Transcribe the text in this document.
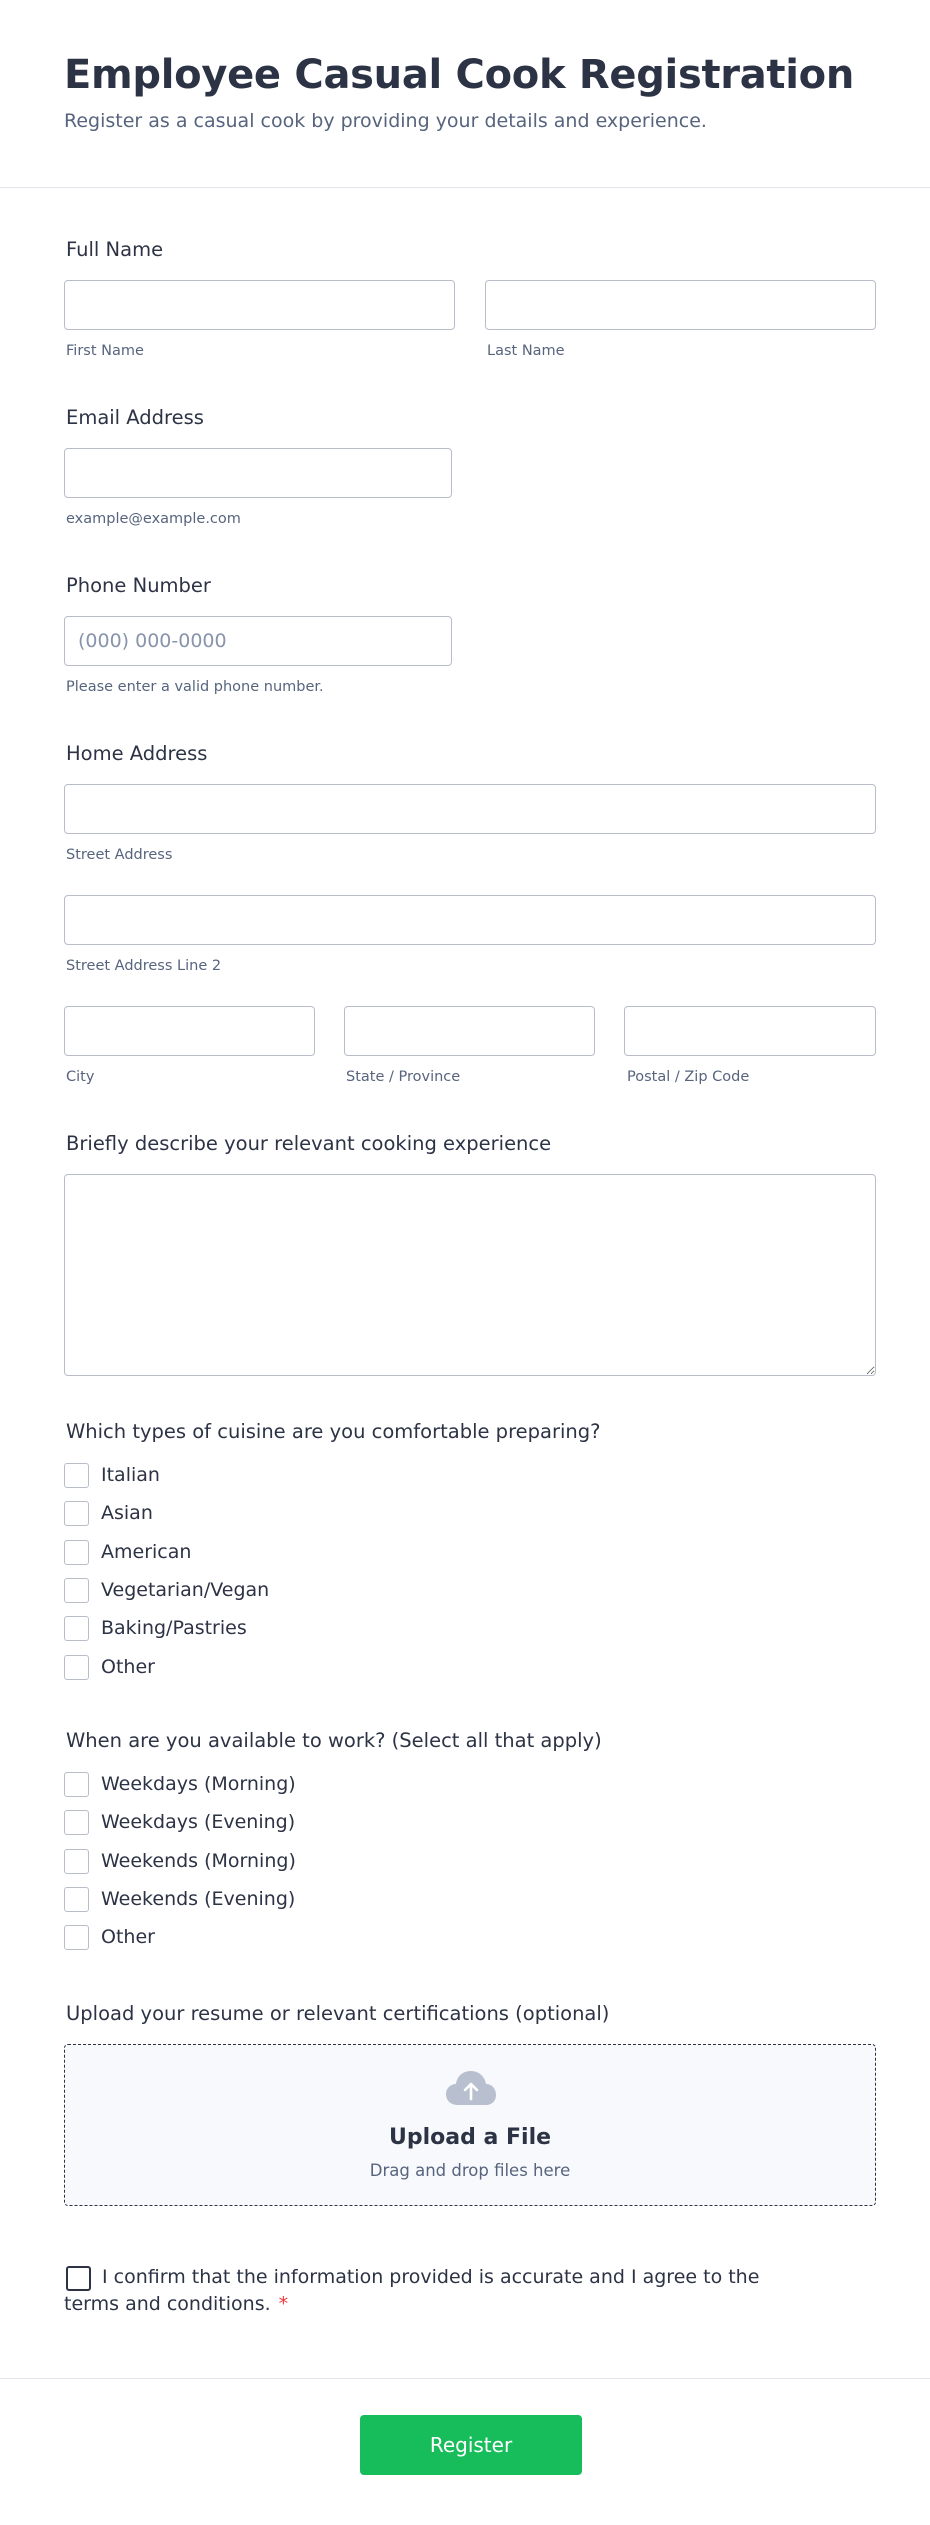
Employee Casual Cook Registration
Register as a casual cook by providing your details and experience.
Full Name
First Name	Last Name
Email Address
example@example.com
Phone Number
(000) 000-0000
Please enter a valid phone number.
Home Address
Street Address
Street Address Line 2
City	State / Province	Postal / Zip Code
Briefly describe your relevant cooking experience
Which types of cuisine are you comfortable preparing?
Italian
Asian
American
Vegetarian/Vegan
Baking/Pastries
Other
When are you available to work? (Select all that apply)
Weekdays (Morning)
Weekdays (Evening)
Weekends (Morning)
Weekends (Evening)
Other
Upload your resume or relevant certifications (optional)
Upload a File
Drag and drop files here
I confirm that the information provided is accurate and I agree to the terms and conditions. *
Register
